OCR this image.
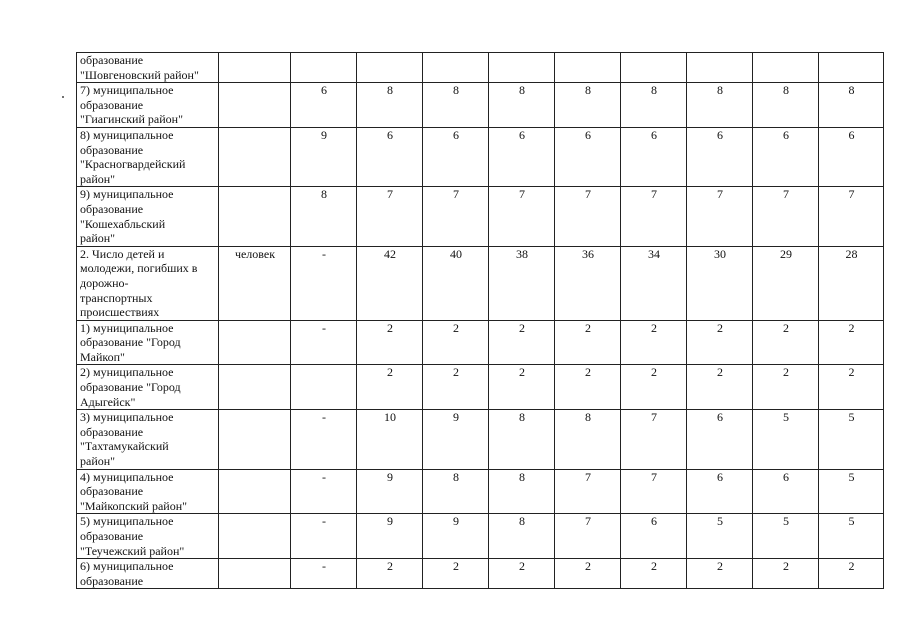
образование
"Шовгеновский район"										
7) муниципальное
образование
"Гиагинский район"		6	8	8	8	8	8	8	8	8
8) муниципальное
образование
"Красногвардейский
район"		9	6	6	6	6	6	6	6	6
9) муниципальное
образование
"Кошехабльский
район"		8	7	7	7	7	7	7	7	7
2. Число детей и
молодежи, погибших в
дорожно-
транспортных
происшествиях	человек	-	42	40	38	36	34	30	29	28
1) муниципальное
образование "Город
Майкоп"		-	2	2	2	2	2	2	2	2
2) муниципальное
образование "Город
Адыгейск"			2	2	2	2	2	2	2	2
3) муниципальное
образование
"Тахтамукайский
район"		-	10	9	8	8	7	6	5	5
4) муниципальное
образование
"Майкопский район"		-	9	8	8	7	7	6	6	5
5) муниципальное
образование
"Теучежский район"		-	9	9	8	7	6	5	5	5
6) муниципальное
образование		-	2	2	2	2	2	2	2	2
